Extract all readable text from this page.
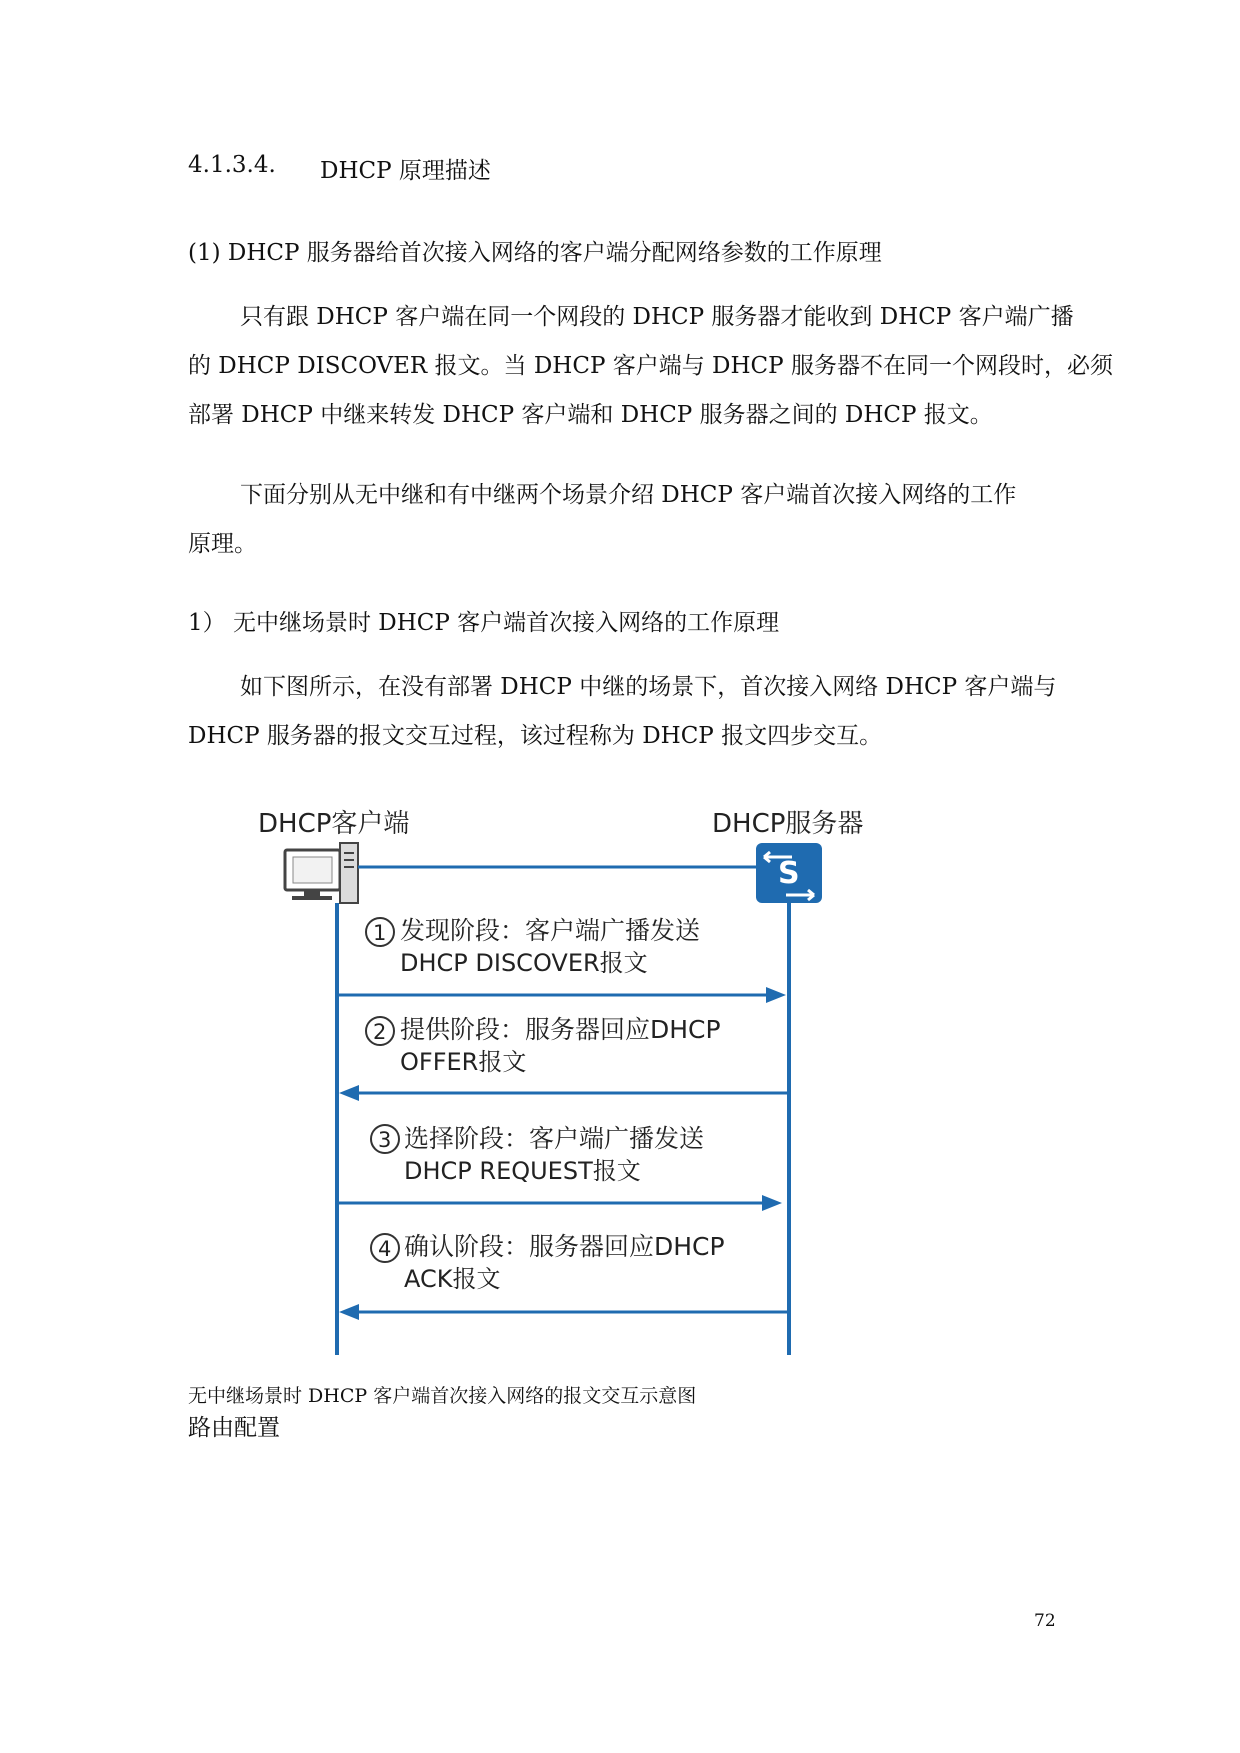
4.1.3.4. DHCP 原理描述
(1) DHCP 服务器给首次接入网络的客户端分配网络参数的工作原理
只有跟 DHCP 客户端在同一个网段的 DHCP 服务器才能收到 DHCP 客户端广播
的 DHCP DISCOVER 报文。当 DHCP 客户端与 DHCP 服务器不在同一个网段时，必须
部署 DHCP 中继来转发 DHCP 客户端和 DHCP 服务器之间的 DHCP 报文。
下面分别从无中继和有中继两个场景介绍 DHCP 客户端首次接入网络的工作
原理。
1） 无中继场景时 DHCP 客户端首次接入网络的工作原理
如下图所示，在没有部署 DHCP 中继的场景下，首次接入网络 DHCP 客户端与
DHCP 服务器的报文交互过程，该过程称为 DHCP 报文四步交互。
DHCP客户端	DHCP服务器
S
1 发现阶段：客户端广播发送
DHCP DISCOVER报文
2 提供阶段：服务器回应DHCP
OFFER报文
3 选择阶段：客户端广播发送
DHCP REQUEST报文
4 确认阶段：服务器回应DHCP
ACK报文
无中继场景时 DHCP 客户端首次接入网络的报文交互示意图
路由配置
72
